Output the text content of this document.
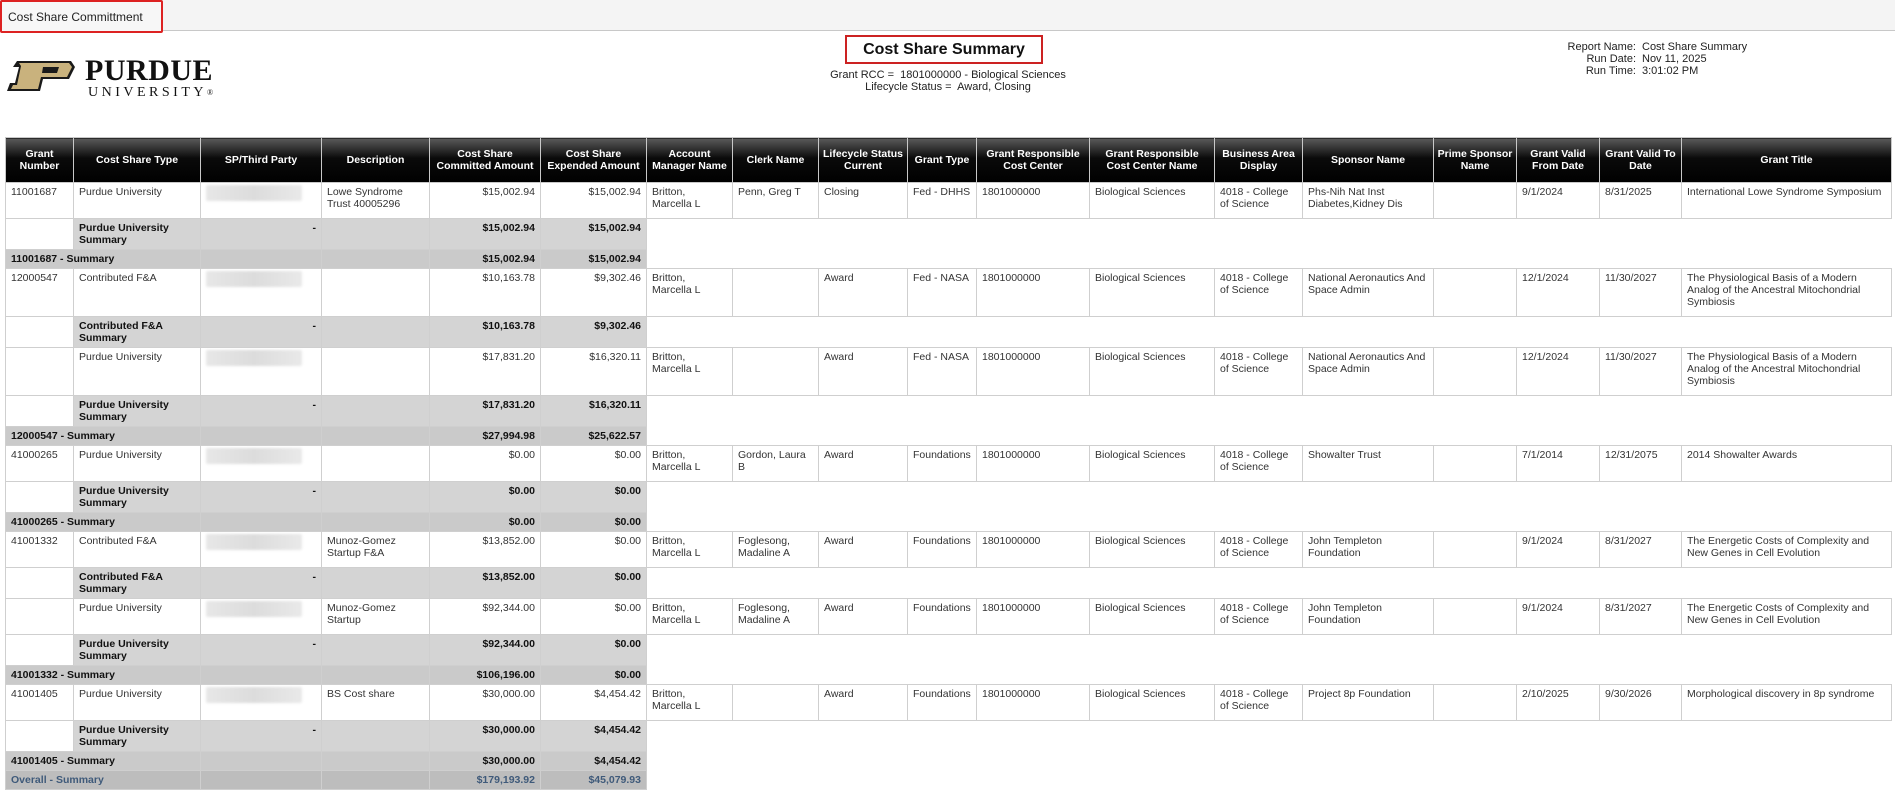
Cost Share Committment
PURDUE
UNIVERSITY®
Cost Share Summary
Grant RCC = 1801000000 - Biological Sciences
Lifecycle Status = Award, Closing
Report Name: Cost Share Summary
Run Date: Nov 11, 2025
Run Time: 3:01:02 PM
Grant Number	Cost Share Type	SP/Third Party	Description	Cost Share Committed Amount	Cost Share Expended Amount	Account Manager Name	Clerk Name	Lifecycle Status Current	Grant Type	Grant Responsible Cost Center	Grant Responsible Cost Center Name	Business Area Display	Sponsor Name	Prime Sponsor Name	Grant Valid From Date	Grant Valid To Date	Grant Title
11001687	Purdue University		Lowe Syndrome Trust 40005296	$15,002.94	$15,002.94	Britton, Marcella L	Penn, Greg T	Closing	Fed - DHHS	1801000000	Biological Sciences	4018 - College of Science	Phs-Nih Nat Inst Diabetes,Kidney Dis		9/1/2024	8/31/2025	International Lowe Syndrome Symposium
	Purdue University Summary	-		$15,002.94	$15,002.94												
11001687 - Summary				$15,002.94	$15,002.94												
12000547	Contributed F&A			$10,163.78	$9,302.46	Britton, Marcella L		Award	Fed - NASA	1801000000	Biological Sciences	4018 - College of Science	National Aeronautics And Space Admin		12/1/2024	11/30/2027	The Physiological Basis of a Modern Analog of the Ancestral Mitochondrial Symbiosis
	Contributed F&A Summary	-		$10,163.78	$9,302.46												
	Purdue University			$17,831.20	$16,320.11	Britton, Marcella L		Award	Fed - NASA	1801000000	Biological Sciences	4018 - College of Science	National Aeronautics And Space Admin		12/1/2024	11/30/2027	The Physiological Basis of a Modern Analog of the Ancestral Mitochondrial Symbiosis
	Purdue University Summary	-		$17,831.20	$16,320.11												
12000547 - Summary				$27,994.98	$25,622.57												
41000265	Purdue University			$0.00	$0.00	Britton, Marcella L	Gordon, Laura B	Award	Foundations	1801000000	Biological Sciences	4018 - College of Science	Showalter Trust		7/1/2014	12/31/2075	2014 Showalter Awards
	Purdue University Summary	-		$0.00	$0.00												
41000265 - Summary				$0.00	$0.00												
41001332	Contributed F&A		Munoz-Gomez Startup F&A	$13,852.00	$0.00	Britton, Marcella L	Foglesong, Madaline A	Award	Foundations	1801000000	Biological Sciences	4018 - College of Science	John Templeton Foundation		9/1/2024	8/31/2027	The Energetic Costs of Complexity and New Genes in Cell Evolution
	Contributed F&A Summary	-		$13,852.00	$0.00												
	Purdue University		Munoz-Gomez Startup	$92,344.00	$0.00	Britton, Marcella L	Foglesong, Madaline A	Award	Foundations	1801000000	Biological Sciences	4018 - College of Science	John Templeton Foundation		9/1/2024	8/31/2027	The Energetic Costs of Complexity and New Genes in Cell Evolution
	Purdue University Summary	-		$92,344.00	$0.00												
41001332 - Summary				$106,196.00	$0.00												
41001405	Purdue University		BS Cost share	$30,000.00	$4,454.42	Britton, Marcella L		Award	Foundations	1801000000	Biological Sciences	4018 - College of Science	Project 8p Foundation		2/10/2025	9/30/2026	Morphological discovery in 8p syndrome
	Purdue University Summary	-		$30,000.00	$4,454.42												
41001405 - Summary				$30,000.00	$4,454.42												
Overall - Summary				$179,193.92	$45,079.93												
